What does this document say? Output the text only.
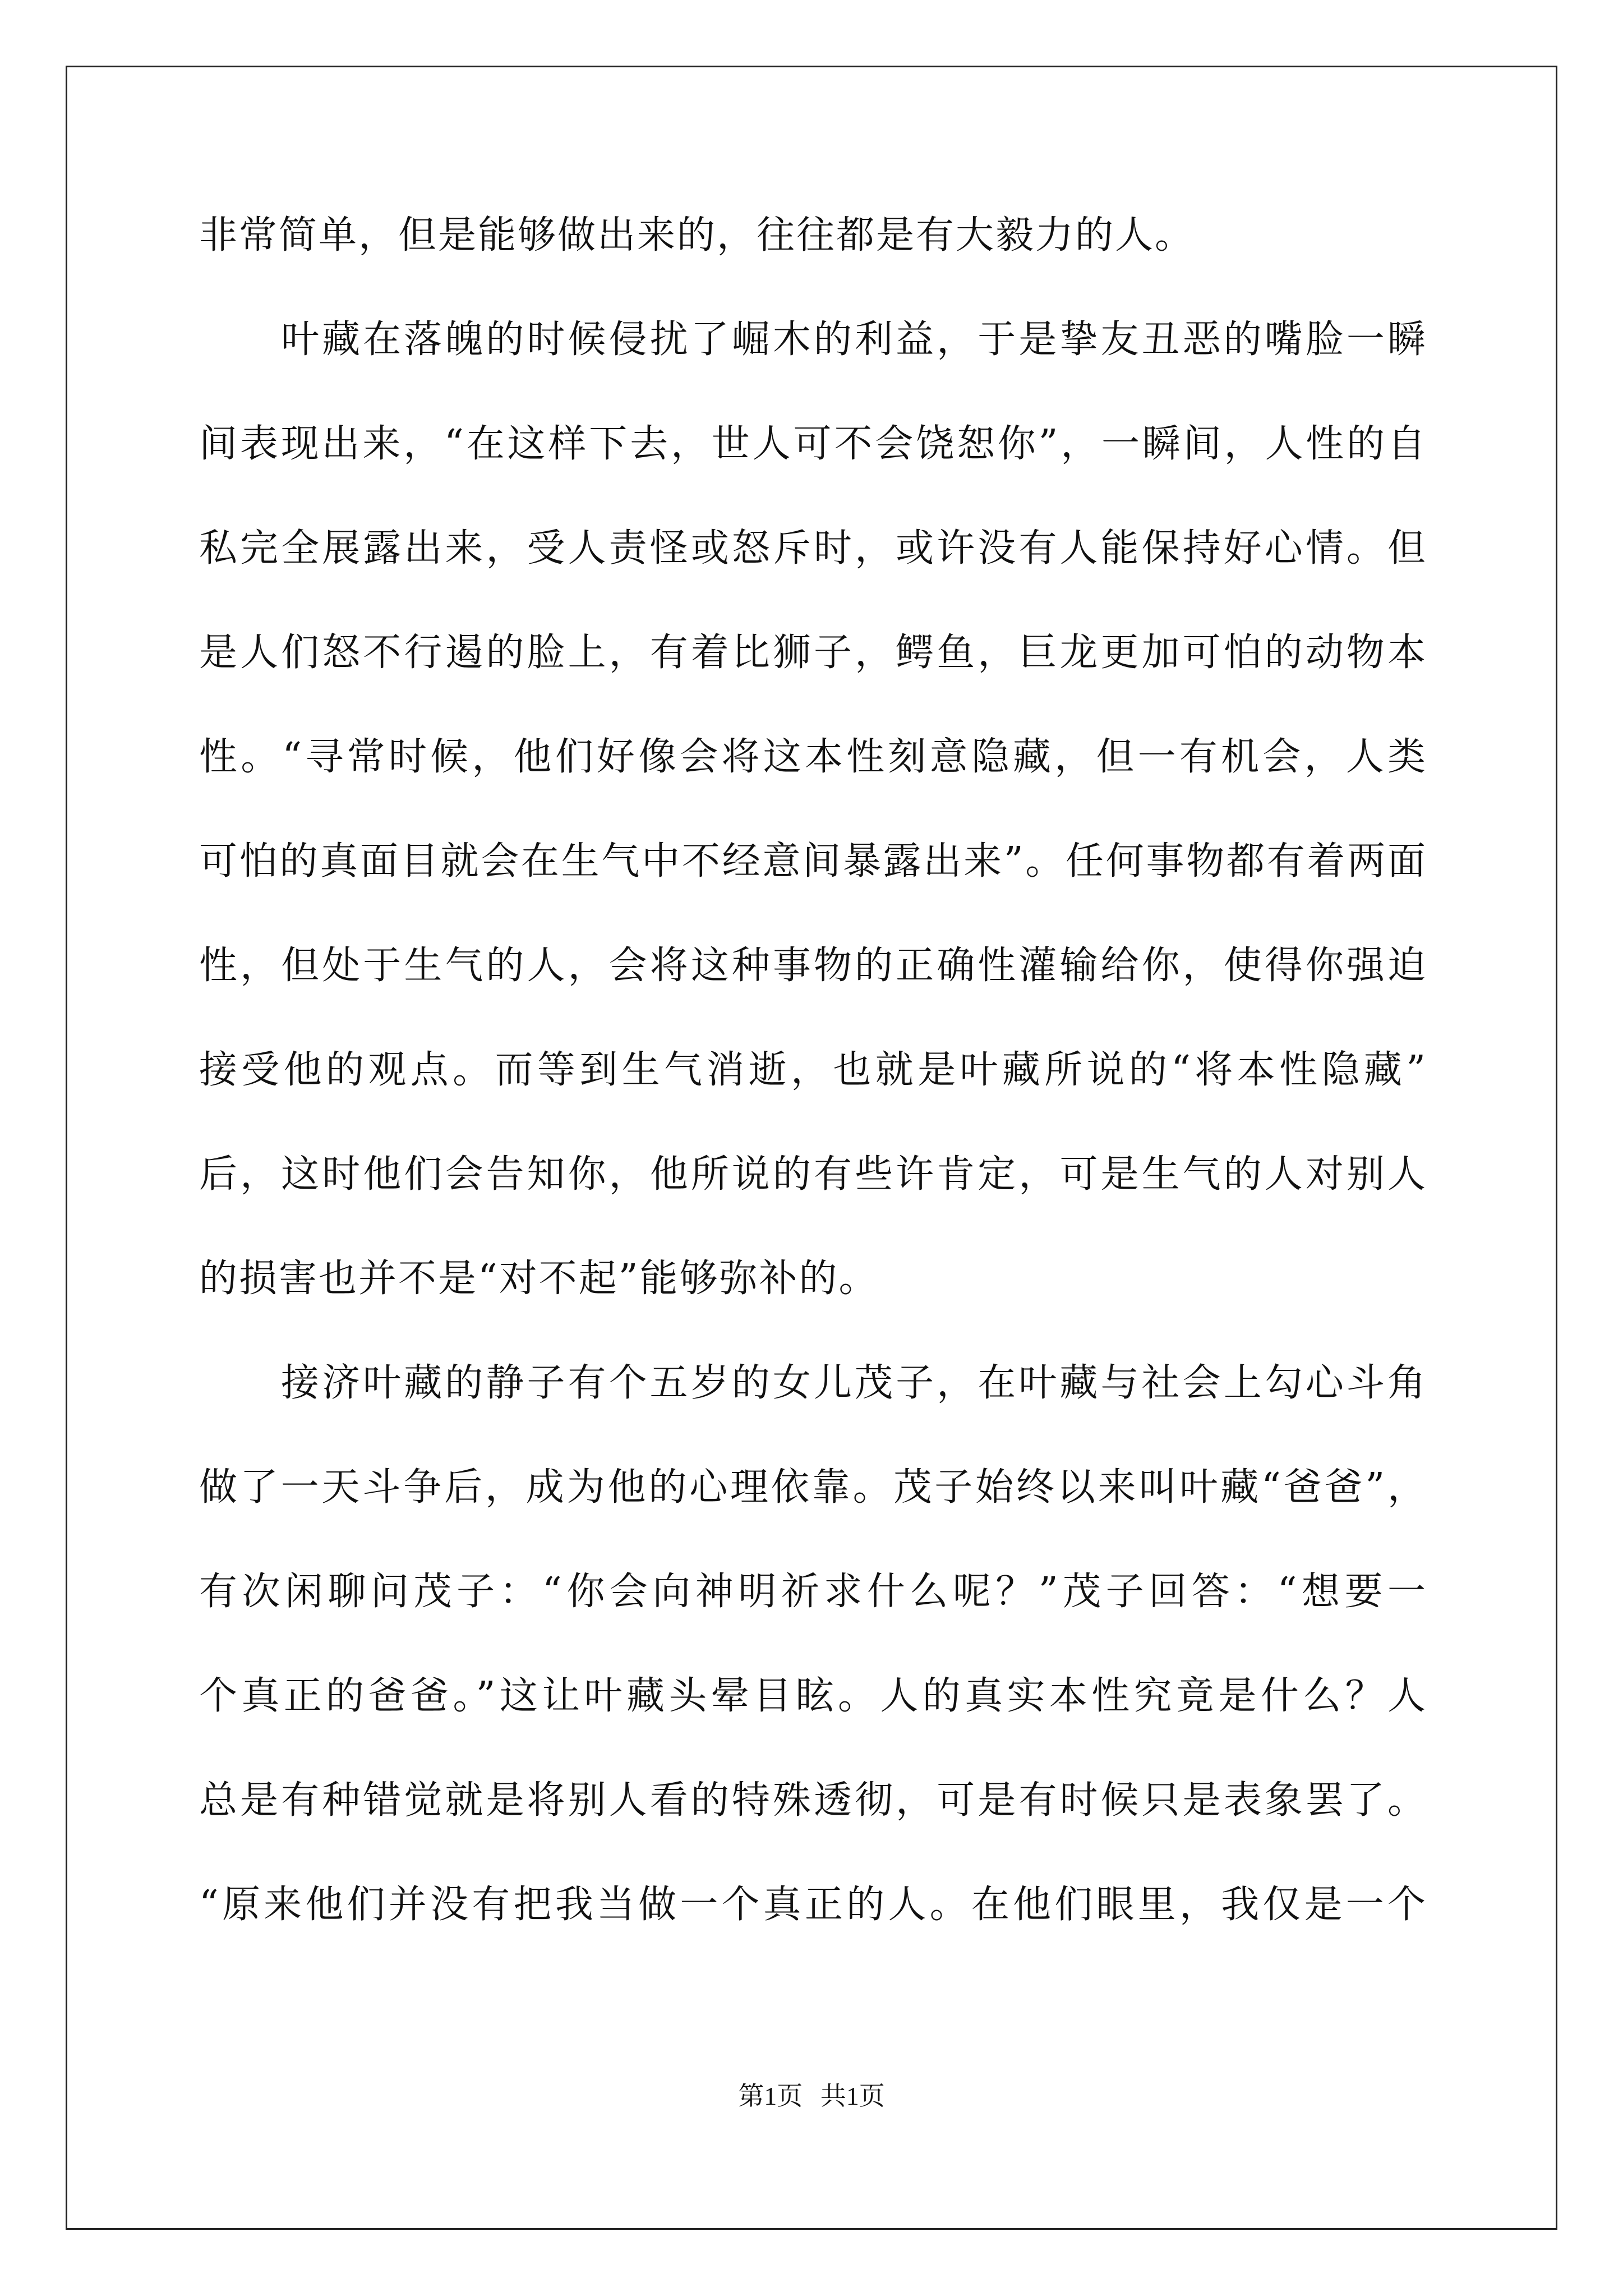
非常简单，但是能够做出来的，往往都是有大毅力的人。
叶藏在落魄的时候侵扰了崛木的利益，于是挚友丑恶的嘴脸一瞬
间表现出来，“在这样下去，世人可不会饶恕你”，一瞬间，人性的自
私完全展露出来，受人责怪或怒斥时，或许没有人能保持好心情。但
是人们怒不行遏的脸上，有着比狮子，鳄鱼，巨龙更加可怕的动物本
性。“寻常时候，他们好像会将这本性刻意隐藏，但一有机会，人类
可怕的真面目就会在生气中不经意间暴露出来”。任何事物都有着两面
性，但处于生气的人，会将这种事物的正确性灌输给你，使得你强迫
接受他的观点。而等到生气消逝，也就是叶藏所说的“将本性隐藏”
后，这时他们会告知你，他所说的有些许肯定，可是生气的人对别人
的损害也并不是“对不起”能够弥补的。
接济叶藏的静子有个五岁的女儿茂子，在叶藏与社会上勾心斗角
做了一天斗争后，成为他的心理依靠。茂子始终以来叫叶藏“爸爸”，
有次闲聊问茂子：“你会向神明祈求什么呢？”茂子回答：“想要一
个真正的爸爸。”这让叶藏头晕目眩。人的真实本性究竟是什么？人
总是有种错觉就是将别人看的特殊透彻，可是有时候只是表象罢了。
“原来他们并没有把我当做一个真正的人。在他们眼里，我仅是一个
第1页 共1页
